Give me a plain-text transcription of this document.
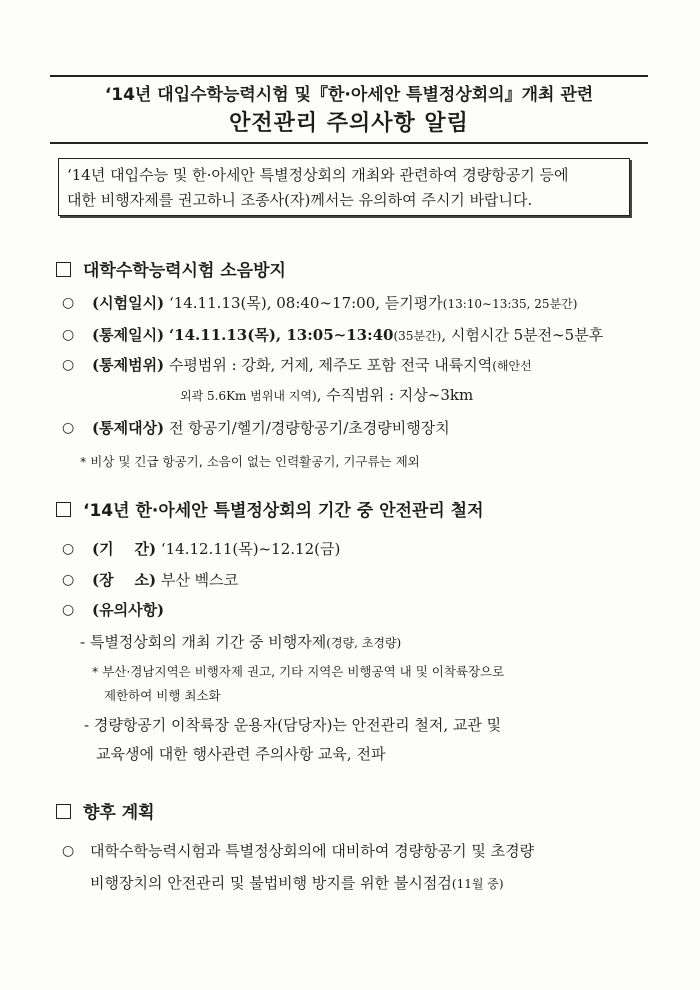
‘14년 대입수학능력시험 및『한·아세안 특별정상회의』개최 관련
안전관리 주의사항 알림
‘14년 대입수능 및 한·아세안 특별정상회의 개최와 관련하여 경량항공기 등에
대한 비행자제를 권고하니 조종사(자)께서는 유의하여 주시기 바랍니다.
대학수학능력시험 소음방지
○ (시험일시) ‘14.11.13(목), 08:40∼17:00, 듣기평가(13:10∼13:35, 25분간)
○ (통제일시) ‘14.11.13(목), 13:05∼13:40(35분간), 시험시간 5분전∼5분후
○ (통제범위) 수평범위 : 강화, 거제, 제주도 포함 전국 내륙지역(해안선
외곽 5.6Km 범위내 지역), 수직범위 : 지상∼3km
○ (통제대상) 전 항공기/헬기/경량항공기/초경량비행장치
* 비상 및 긴급 항공기, 소음이 없는 인력활공기, 기구류는 제외
‘14년 한·아세안 특별정상회의 기간 중 안전관리 철저
○ (기    간) ‘14.12.11(목)~12.12(금)
○ (장    소) 부산 벡스코
○ (유의사항)
- 특별정상회의 개최 기간 중 비행자제(경량, 초경량)
* 부산·경남지역은 비행자제 권고, 기타 지역은 비행공역 내 및 이착륙장으로
제한하여 비행 최소화
- 경량항공기 이착륙장 운용자(담당자)는 안전관리 철저, 교관 및
교육생에 대한 행사관련 주의사항 교육, 전파
향후 계획
○ 대학수학능력시험과 특별정상회의에 대비하여 경량항공기 및 초경량
비행장치의 안전관리 및 불법비행 방지를 위한 불시점검(11월 중)
